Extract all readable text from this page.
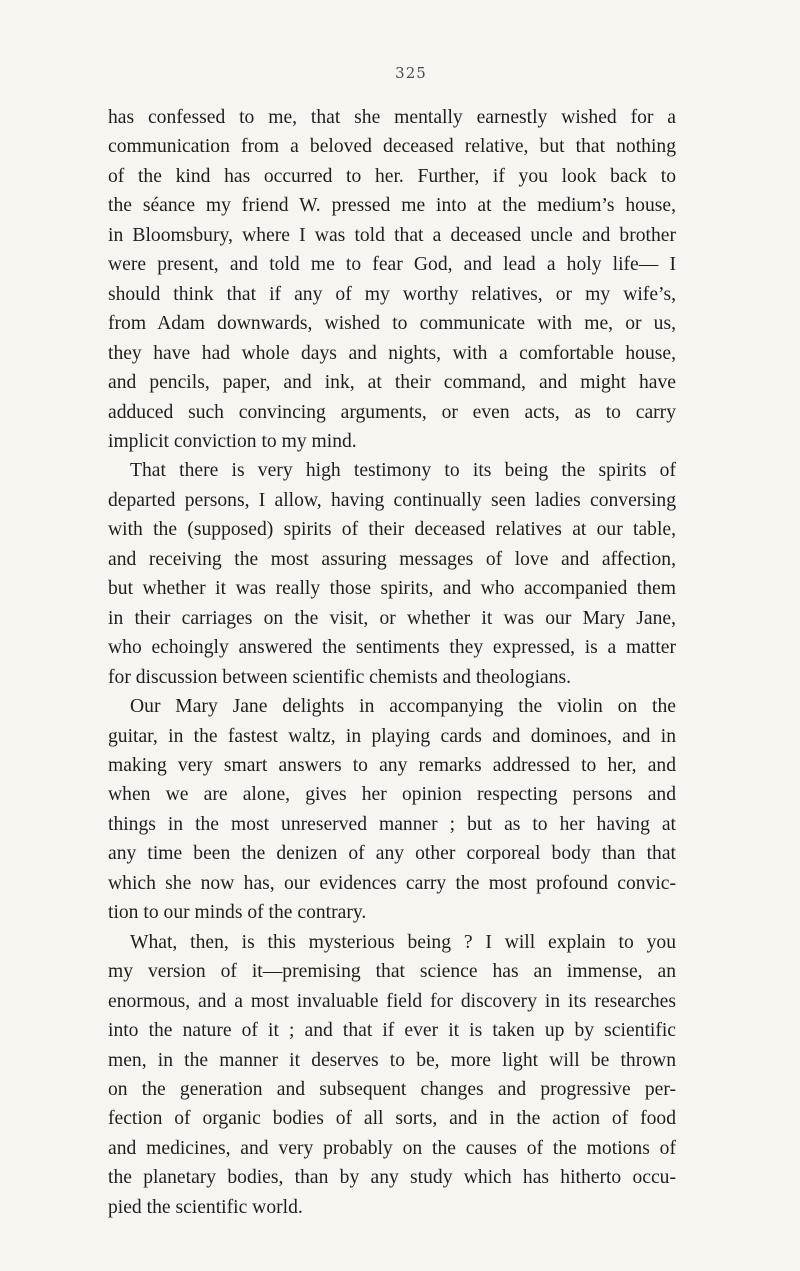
325

has confessed to me, that she mentally earnestly wished for a
communication from a beloved deceased relative, but that nothing
of the kind has occurred to her. Further, if you look back to
the séance my friend W. pressed me into at the medium’s house,
in Bloomsbury, where I was told that a deceased uncle and brother
were present, and told me to fear God, and lead a holy life— I
should think that if any of my worthy relatives, or my wife’s,
from Adam downwards, wished to communicate with me, or us,
they have had whole days and nights, with a comfortable house,
and pencils, paper, and ink, at their command, and might have
adduced such convincing arguments, or even acts, as to carry
implicit conviction to my mind.

That there is very high testimony to its being the spirits of
departed persons, I allow, having continually seen ladies conversing
with the (supposed) spirits of their deceased relatives at our table,
and receiving the most assuring messages of love and affection,
but whether it was really those spirits, and who accompanied them
in their carriages on the visit, or whether it was our Mary Jane,
who echoingly answered the sentiments they expressed, is a matter
for discussion between scientific chemists and theologians.

Our Mary Jane delights in accompanying the violin on the
guitar, in the fastest waltz, in playing cards and dominoes, and in
making very smart answers to any remarks addressed to her, and
when we are alone, gives her opinion respecting persons and
things in the most unreserved manner ; but as to her having at
any time been the denizen of any other corporeal body than that
which she now has, our evidences carry the most profound convic-
tion to our minds of the contrary.

What, then, is this mysterious being ? I will explain to you
my version of it—premising that science has an immense, an
enormous, and a most invaluable field for discovery in its researches
into the nature of it ; and that if ever it is taken up by scientific
men, in the manner it deserves to be, more light will be thrown
on the generation and subsequent changes and progressive per-
fection of organic bodies of all sorts, and in the action of food
and medicines, and very probably on the causes of the motions of
the planetary bodies, than by any study which has hitherto occu-
pied the scientific world.
